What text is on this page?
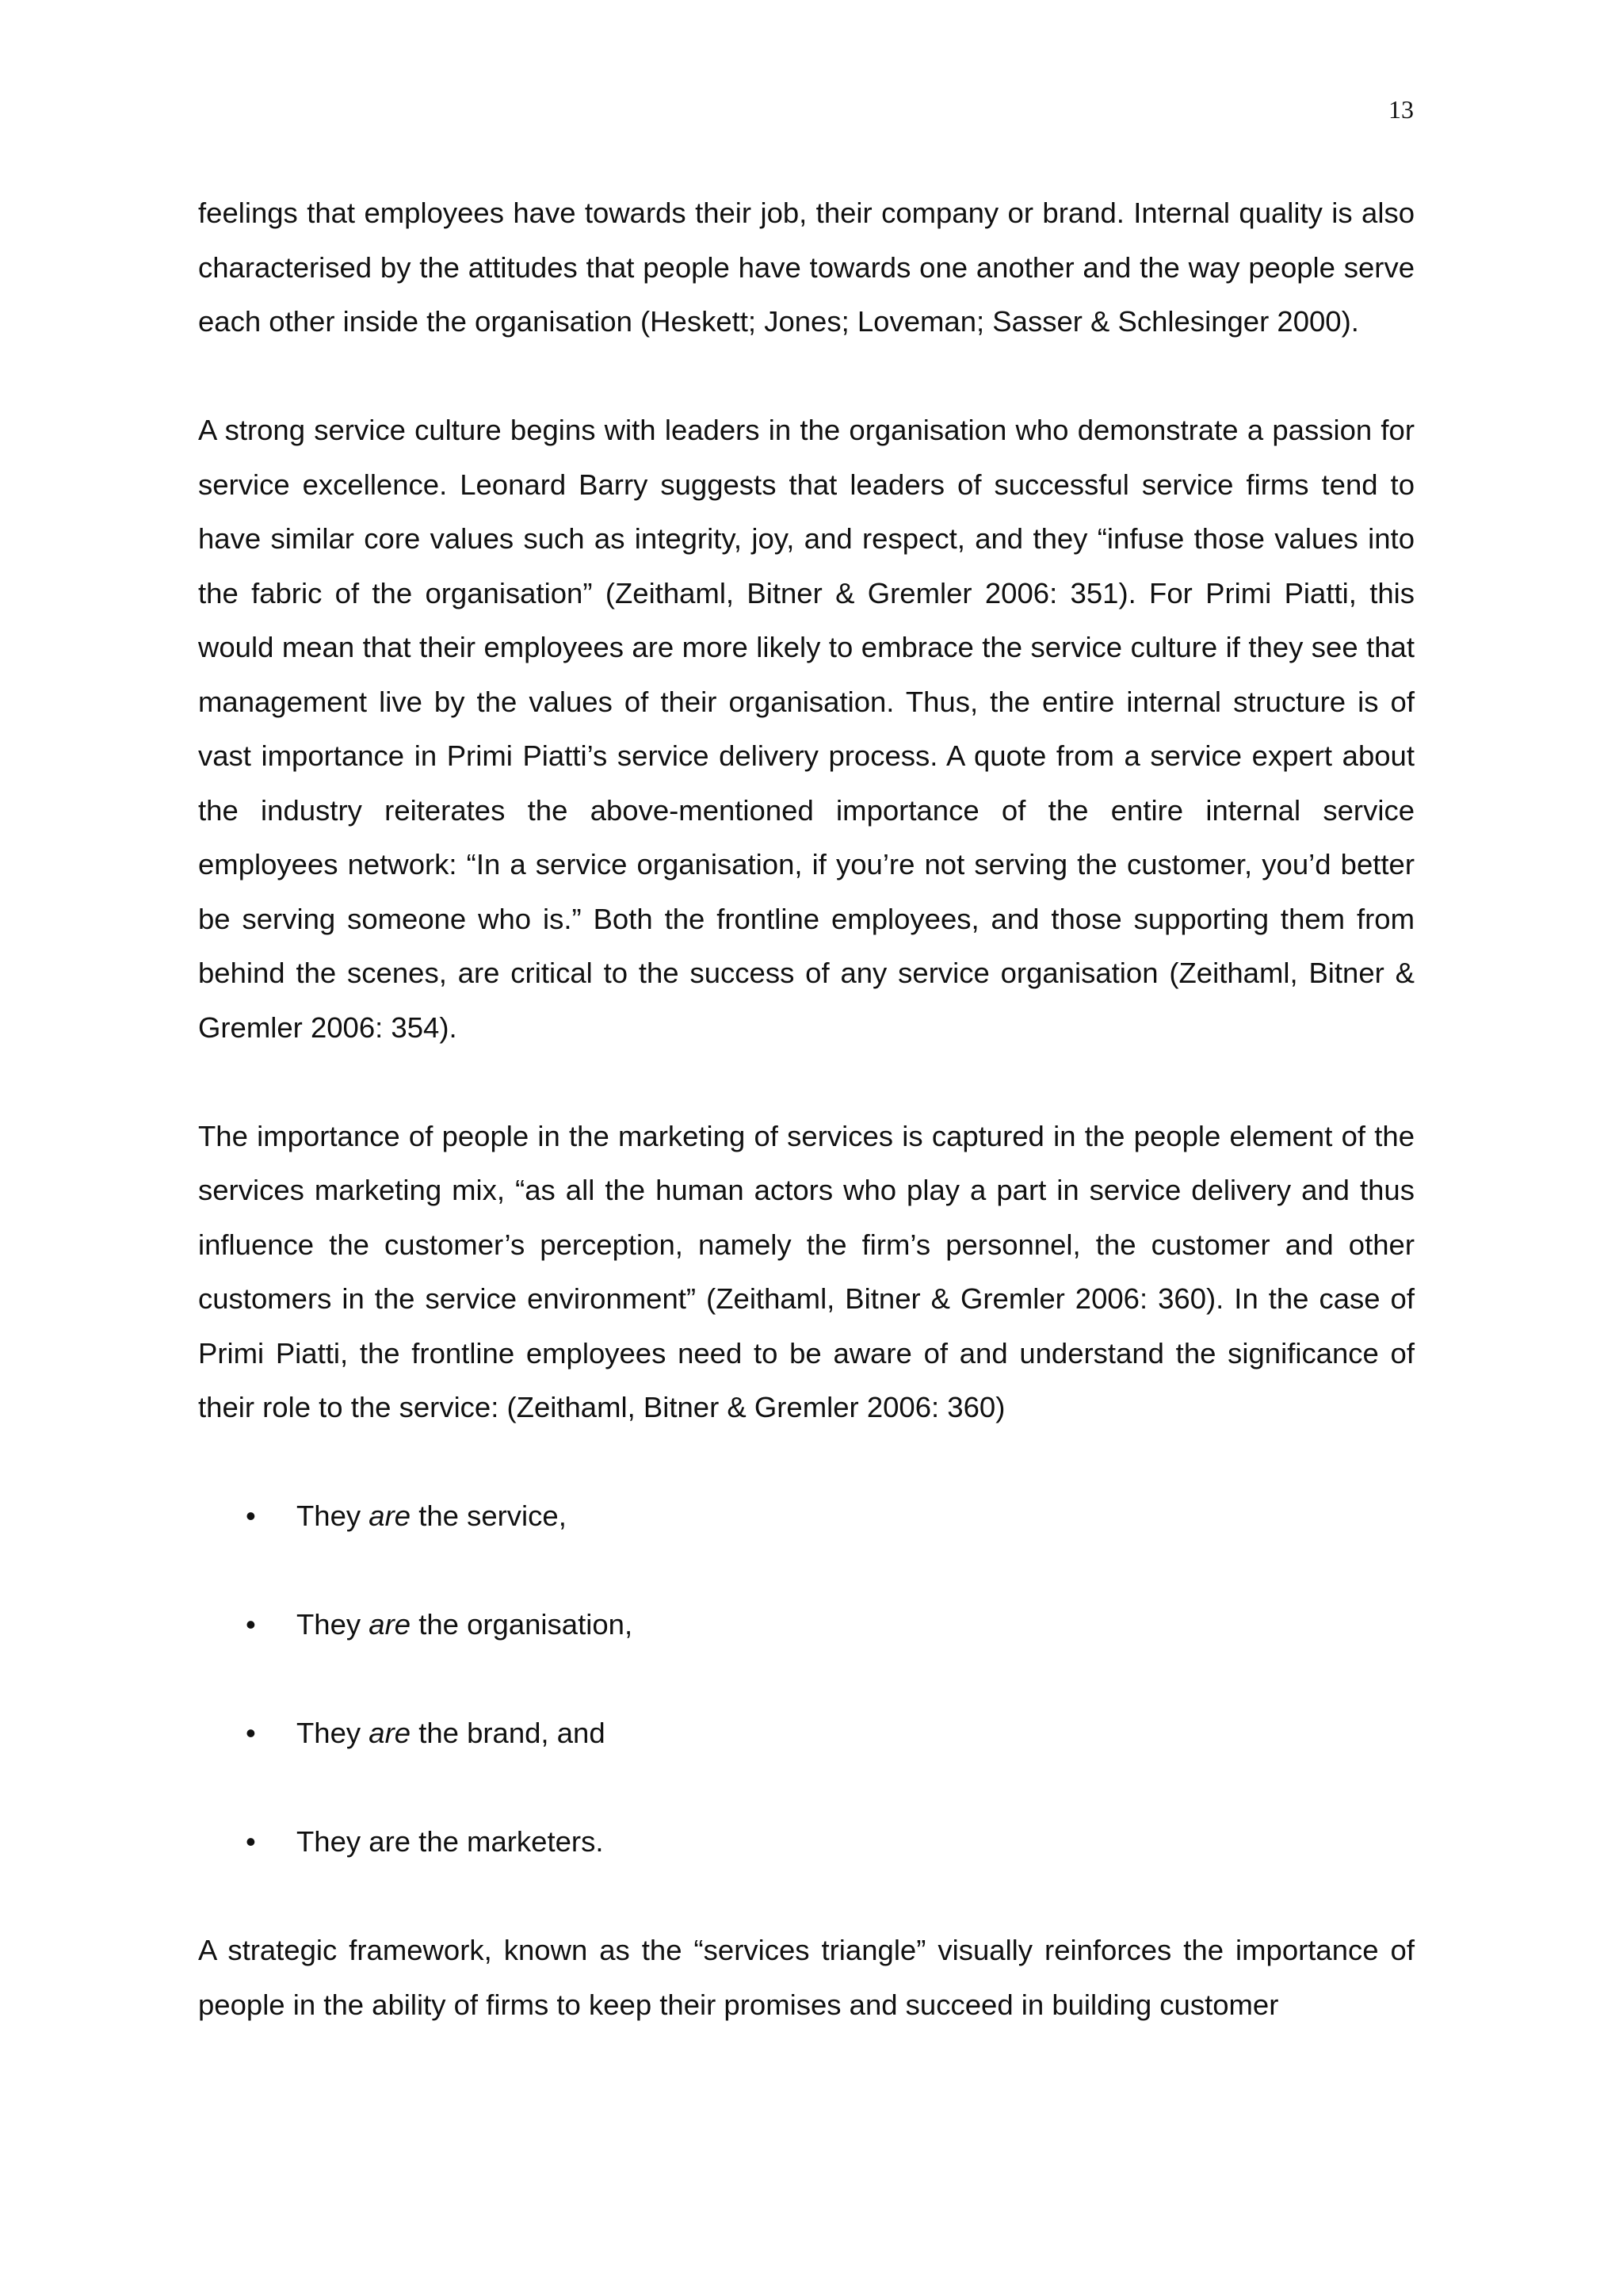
13

feelings that employees have towards their job, their company or brand. Internal quality is also characterised by the attitudes that people have towards one another and the way people serve each other inside the organisation (Heskett; Jones; Loveman; Sasser & Schlesinger 2000).

A strong service culture begins with leaders in the organisation who demonstrate a passion for service excellence. Leonard Barry suggests that leaders of successful service firms tend to have similar core values such as integrity, joy, and respect, and they “infuse those values into the fabric of the organisation” (Zeithaml, Bitner & Gremler 2006: 351). For Primi Piatti, this would mean that their employees are more likely to embrace the service culture if they see that management live by the values of their organisation. Thus, the entire internal structure is of vast importance in Primi Piatti’s service delivery process. A quote from a service expert about the industry reiterates the above-mentioned importance of the entire internal service employees network: “In a service organisation, if you’re not serving the customer, you’d better be serving someone who is.” Both the frontline employees, and those supporting them from behind the scenes, are critical to the success of any service organisation (Zeithaml, Bitner & Gremler 2006: 354).

The importance of people in the marketing of services is captured in the people element of the services marketing mix, “as all the human actors who play a part in service delivery and thus influence the customer’s perception, namely the firm’s personnel, the customer and other customers in the service environment” (Zeithaml, Bitner & Gremler 2006: 360). In the case of Primi Piatti, the frontline employees need to be aware of and understand the significance of their role to the service: (Zeithaml, Bitner & Gremler 2006: 360)

• They are the service,
• They are the organisation,
• They are the brand, and
• They are the marketers.

A strategic framework, known as the “services triangle” visually reinforces the importance of people in the ability of firms to keep their promises and succeed in building customer
